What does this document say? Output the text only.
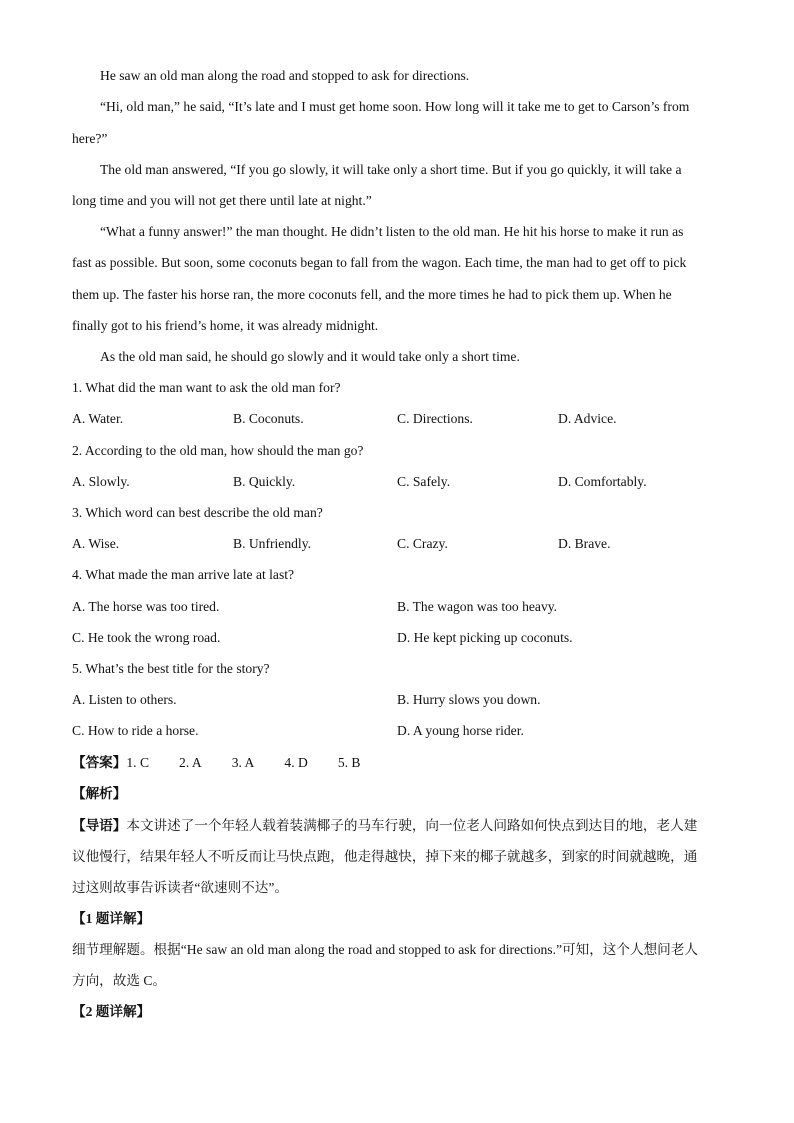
He saw an old man along the road and stopped to ask for directions.
“Hi, old man,” he said, “It’s late and I must get home soon. How long will it take me to get to Carson’s from
here?”
The old man answered, “If you go slowly, it will take only a short time. But if you go quickly, it will take a
long time and you will not get there until late at night.”
“What a funny answer!” the man thought. He didn’t listen to the old man. He hit his horse to make it run as
fast as possible. But soon, some coconuts began to fall from the wagon. Each time, the man had to get off to pick
them up. The faster his horse ran, the more coconuts fell, and the more times he had to pick them up. When he
finally got to his friend’s home, it was already midnight.
As the old man said, he should go slowly and it would take only a short time.
1. What did the man want to ask the old man for?
A. Water.	B. Coconuts.	C. Directions.	D. Advice.
2. According to the old man, how should the man go?
A. Slowly.	B. Quickly.	C. Safely.	D. Comfortably.
3. Which word can best describe the old man?
A. Wise.	B. Unfriendly.	C. Crazy.	D. Brave.
4. What made the man arrive late at last?
A. The horse was too tired.	B. The wagon was too heavy.
C. He took the wrong road.	D. He kept picking up coconuts.
5. What’s the best title for the story?
A. Listen to others.	B. Hurry slows you down.
C. How to ride a horse.	D. A young horse rider.
【答案】1. C 2. A 3. A 4. D 5. B
【解析】
【导语】本文讲述了一个年轻人载着装满椰子的马车行驶，向一位老人问路如何快点到达目的地，老人建
议他慢行，结果年轻人不听反而让马快点跑，他走得越快，掉下来的椰子就越多，到家的时间就越晚，通
过这则故事告诉读者“欲速则不达”。
【1 题详解】
细节理解题。根据“He saw an old man along the road and stopped to ask for directions.”可知，这个人想问老人
方向，故选 C。
【2 题详解】
